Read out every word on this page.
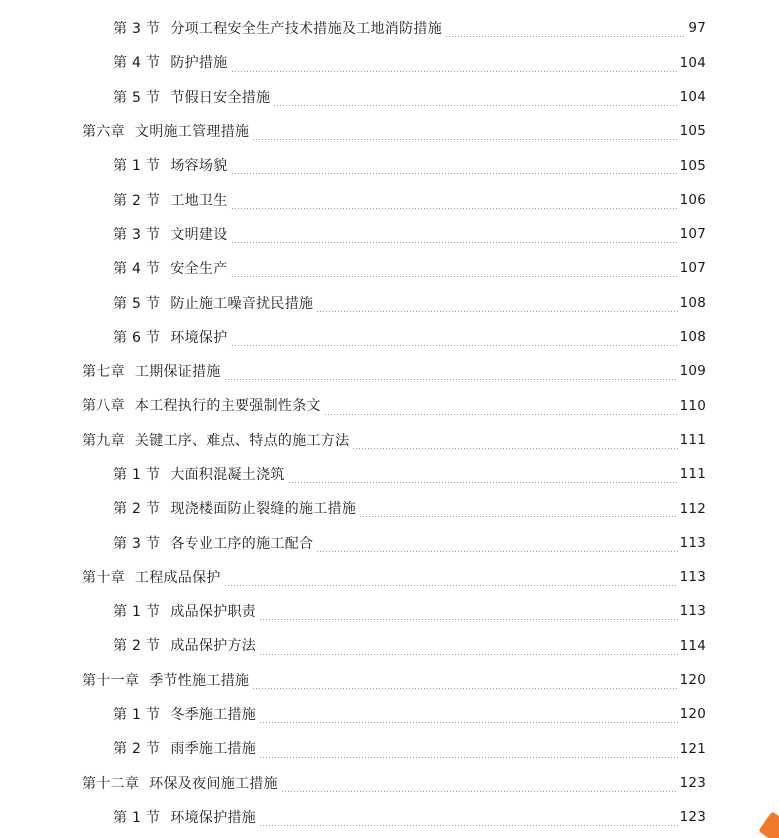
第 3 节 分项工程安全生产技术措施及工地消防措施	97
第 4 节 防护措施	104
第 5 节 节假日安全措施	104
第六章 文明施工管理措施	105
第 1 节 场容场貌	105
第 2 节 工地卫生	106
第 3 节 文明建设	107
第 4 节 安全生产	107
第 5 节 防止施工噪音扰民措施	108
第 6 节 环境保护	108
第七章 工期保证措施	109
第八章 本工程执行的主要强制性条文	110
第九章 关键工序、难点、特点的施工方法	111
第 1 节 大面积混凝土浇筑	111
第 2 节 现浇楼面防止裂缝的施工措施	112
第 3 节 各专业工序的施工配合	113
第十章 工程成品保护	113
第 1 节 成品保护职责	113
第 2 节 成品保护方法	114
第十一章 季节性施工措施	120
第 1 节 冬季施工措施	120
第 2 节 雨季施工措施	121
第十二章 环保及夜间施工措施	123
第 1 节 环境保护措施	123
